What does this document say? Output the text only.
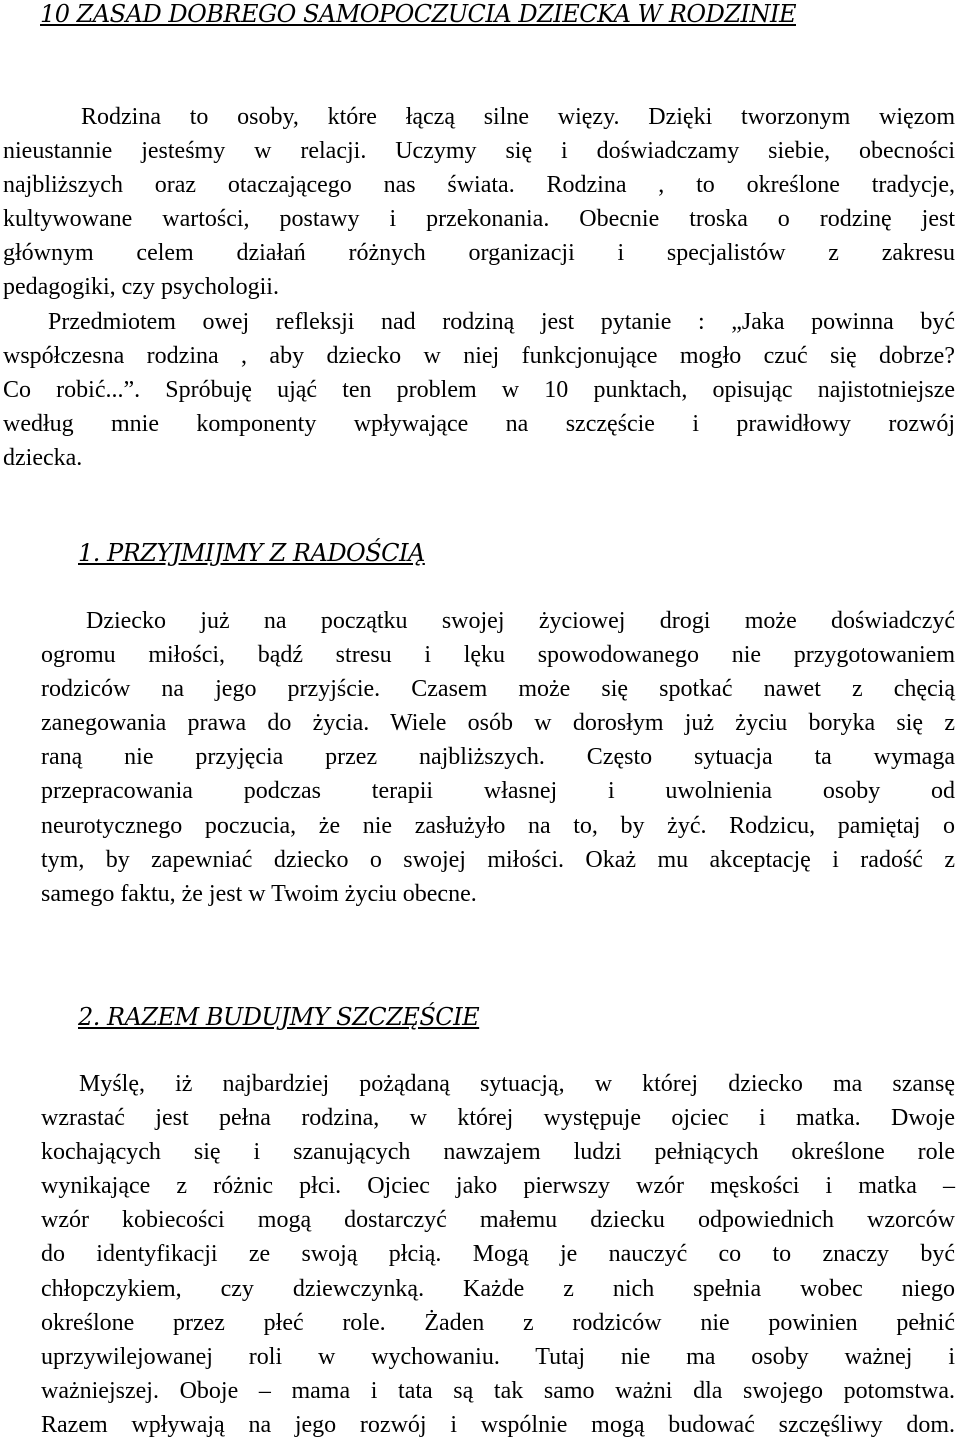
10 ZASAD DOBREGO SAMOPOCZUCIA DZIECKA W RODZINIE
Rodzina to osoby, które łączą silne więzy. Dzięki tworzonym więzom
nieustannie jesteśmy w relacji. Uczymy się i doświadczamy siebie, obecności
najbliższych oraz otaczającego nas świata. Rodzina , to określone tradycje,
kultywowane wartości, postawy i przekonania. Obecnie troska o rodzinę jest
głównym celem działań różnych organizacji i specjalistów z zakresu
pedagogiki, czy psychologii.
Przedmiotem owej refleksji nad rodziną jest pytanie : „Jaka powinna być
współczesna rodzina , aby dziecko w niej funkcjonujące mogło czuć się dobrze?
Co robić...”. Spróbuję ująć ten problem w 10 punktach, opisując najistotniejsze
według mnie komponenty wpływające na szczęście i prawidłowy rozwój
dziecka.
1. PRZYJMIJMY Z RADOŚCIĄ
Dziecko już na początku swojej życiowej drogi może doświadczyć
ogromu miłości, bądź stresu i lęku spowodowanego nie przygotowaniem
rodziców na jego przyjście. Czasem może się spotkać nawet z chęcią
zanegowania prawa do życia. Wiele osób w dorosłym już życiu boryka się z
raną nie przyjęcia przez najbliższych. Często sytuacja ta wymaga
przepracowania podczas terapii własnej i uwolnienia osoby od
neurotycznego poczucia, że nie zasłużyło na to, by żyć. Rodzicu, pamiętaj o
tym, by zapewniać dziecko o swojej miłości. Okaż mu akceptację i radość z
samego faktu, że jest w Twoim życiu obecne.
2. RAZEM BUDUJMY SZCZĘŚCIE
Myślę, iż najbardziej pożądaną sytuacją, w której dziecko ma szansę
wzrastać jest pełna rodzina, w której występuje ojciec i matka. Dwoje
kochających się i szanujących nawzajem ludzi pełniących określone role
wynikające z różnic płci. Ojciec jako pierwszy wzór męskości i matka –
wzór kobiecości mogą dostarczyć małemu dziecku odpowiednich wzorców
do identyfikacji ze swoją płcią. Mogą je nauczyć co to znaczy być
chłopczykiem, czy dziewczynką. Każde z nich spełnia wobec niego
określone przez płeć role. Żaden z rodziców nie powinien pełnić
uprzywilejowanej roli w wychowaniu. Tutaj nie ma osoby ważnej i
ważniejszej. Oboje – mama i tata są tak samo ważni dla swojego potomstwa.
Razem wpływają na jego rozwój i wspólnie mogą budować szczęśliwy dom.
